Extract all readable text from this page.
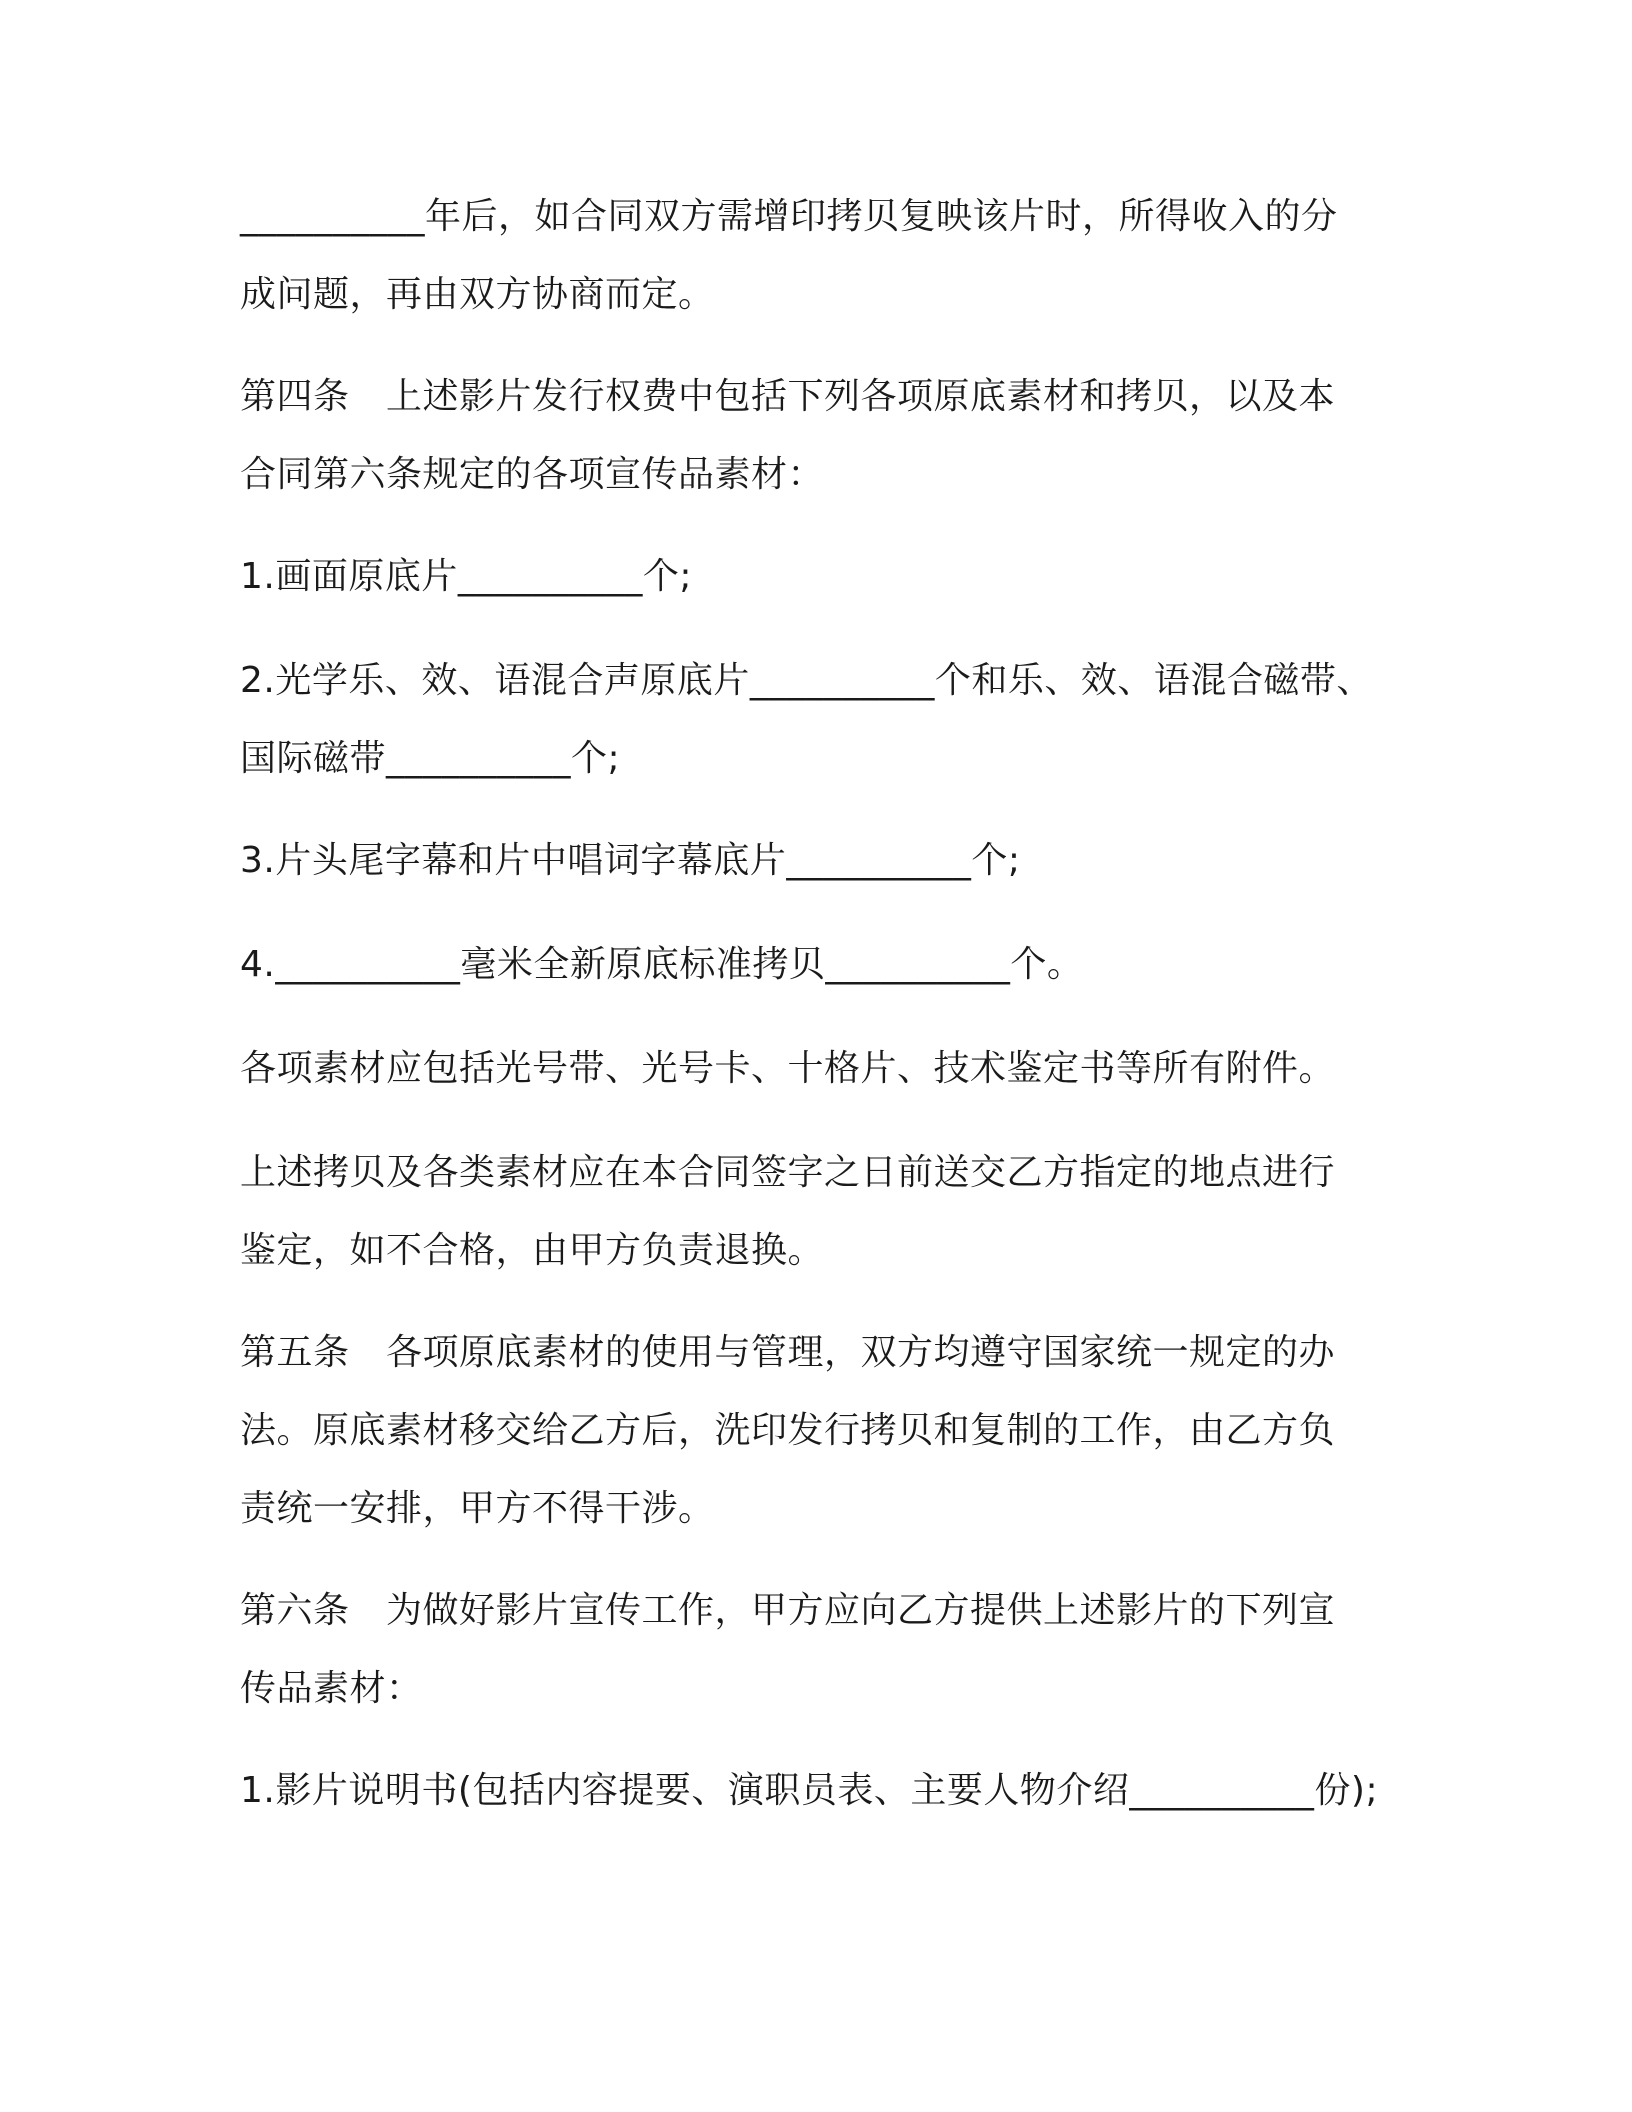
__________年后，如合同双方需增印拷贝复映该片时，所得收入的分
成问题，再由双方协商而定。
第四条　上述影片发行权费中包括下列各项原底素材和拷贝，以及本
合同第六条规定的各项宣传品素材：
1.画面原底片__________个;
2.光学乐、效、语混合声原底片__________个和乐、效、语混合磁带、
国际磁带__________个;
3.片头尾字幕和片中唱词字幕底片__________个;
4.__________毫米全新原底标准拷贝__________个。
各项素材应包括光号带、光号卡、十格片、技术鉴定书等所有附件。
上述拷贝及各类素材应在本合同签字之日前送交乙方指定的地点进行
鉴定，如不合格，由甲方负责退换。
第五条　各项原底素材的使用与管理，双方均遵守国家统一规定的办
法。原底素材移交给乙方后，洗印发行拷贝和复制的工作，由乙方负
责统一安排，甲方不得干涉。
第六条　为做好影片宣传工作，甲方应向乙方提供上述影片的下列宣
传品素材：
1.影片说明书(包括内容提要、演职员表、主要人物介绍__________份);
